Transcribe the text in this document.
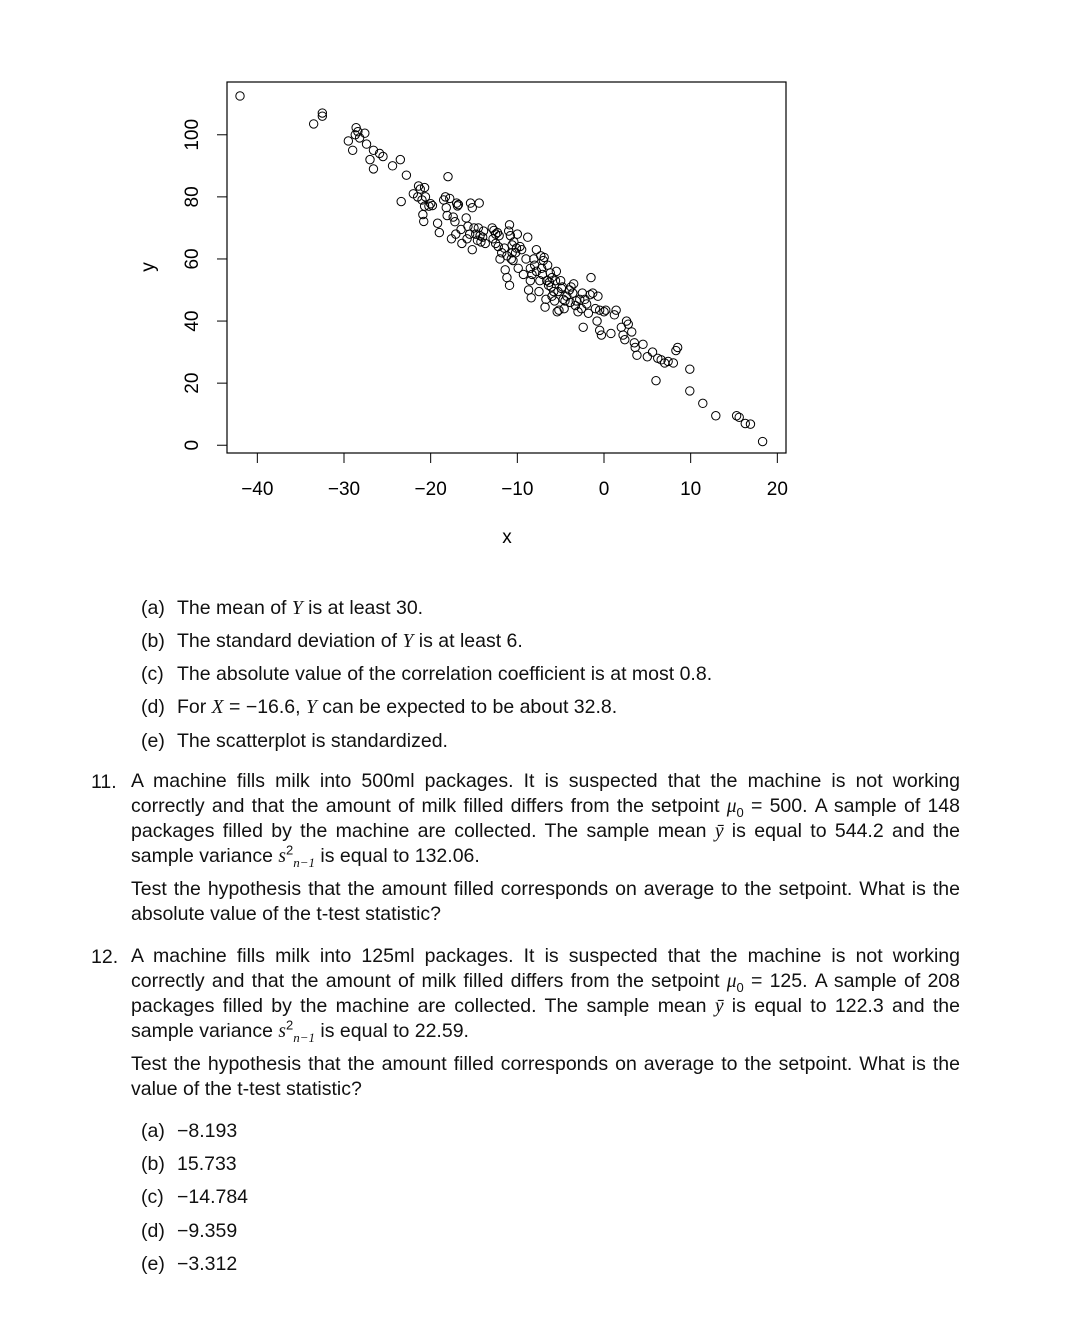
−40	−30	−20	−10	0	10	20
0
20
40
60
80
100
x
y
(a) The mean of Y is at least 30.
(b) The standard deviation of Y is at least 6.
(c) The absolute value of the correlation coefficient is at most 0.8.
(d) For X = −16.6, Y can be expected to be about 32.8.
(e) The scatterplot is standardized.
11. A machine fills milk into 500ml packages. It is suspected that the machine is not working correctly and that the amount of milk filled differs from the setpoint $\mu_0 = 500$. A sample of 148 packages filled by the machine are collected. The sample mean ȳ is equal to 544.2 and the sample variance $s^2_{n-1}$ is equal to 132.06.

Test the hypothesis that the amount filled corresponds on average to the setpoint. What is the absolute value of the t-test statistic?

12. A machine fills milk into 125ml packages. It is suspected that the machine is not working correctly and that the amount of milk filled differs from the setpoint $\mu_0 = 125$. A sample of 208 packages filled by the machine are collected. The sample mean ȳ is equal to 122.3 and the sample variance $s^2_{n-1}$ is equal to 22.59.

Test the hypothesis that the amount filled corresponds on average to the setpoint. What is the value of the t-test statistic?

(a) −8.193
(b) 15.733
(c) −14.784
(d) −9.359
(e) −3.312
